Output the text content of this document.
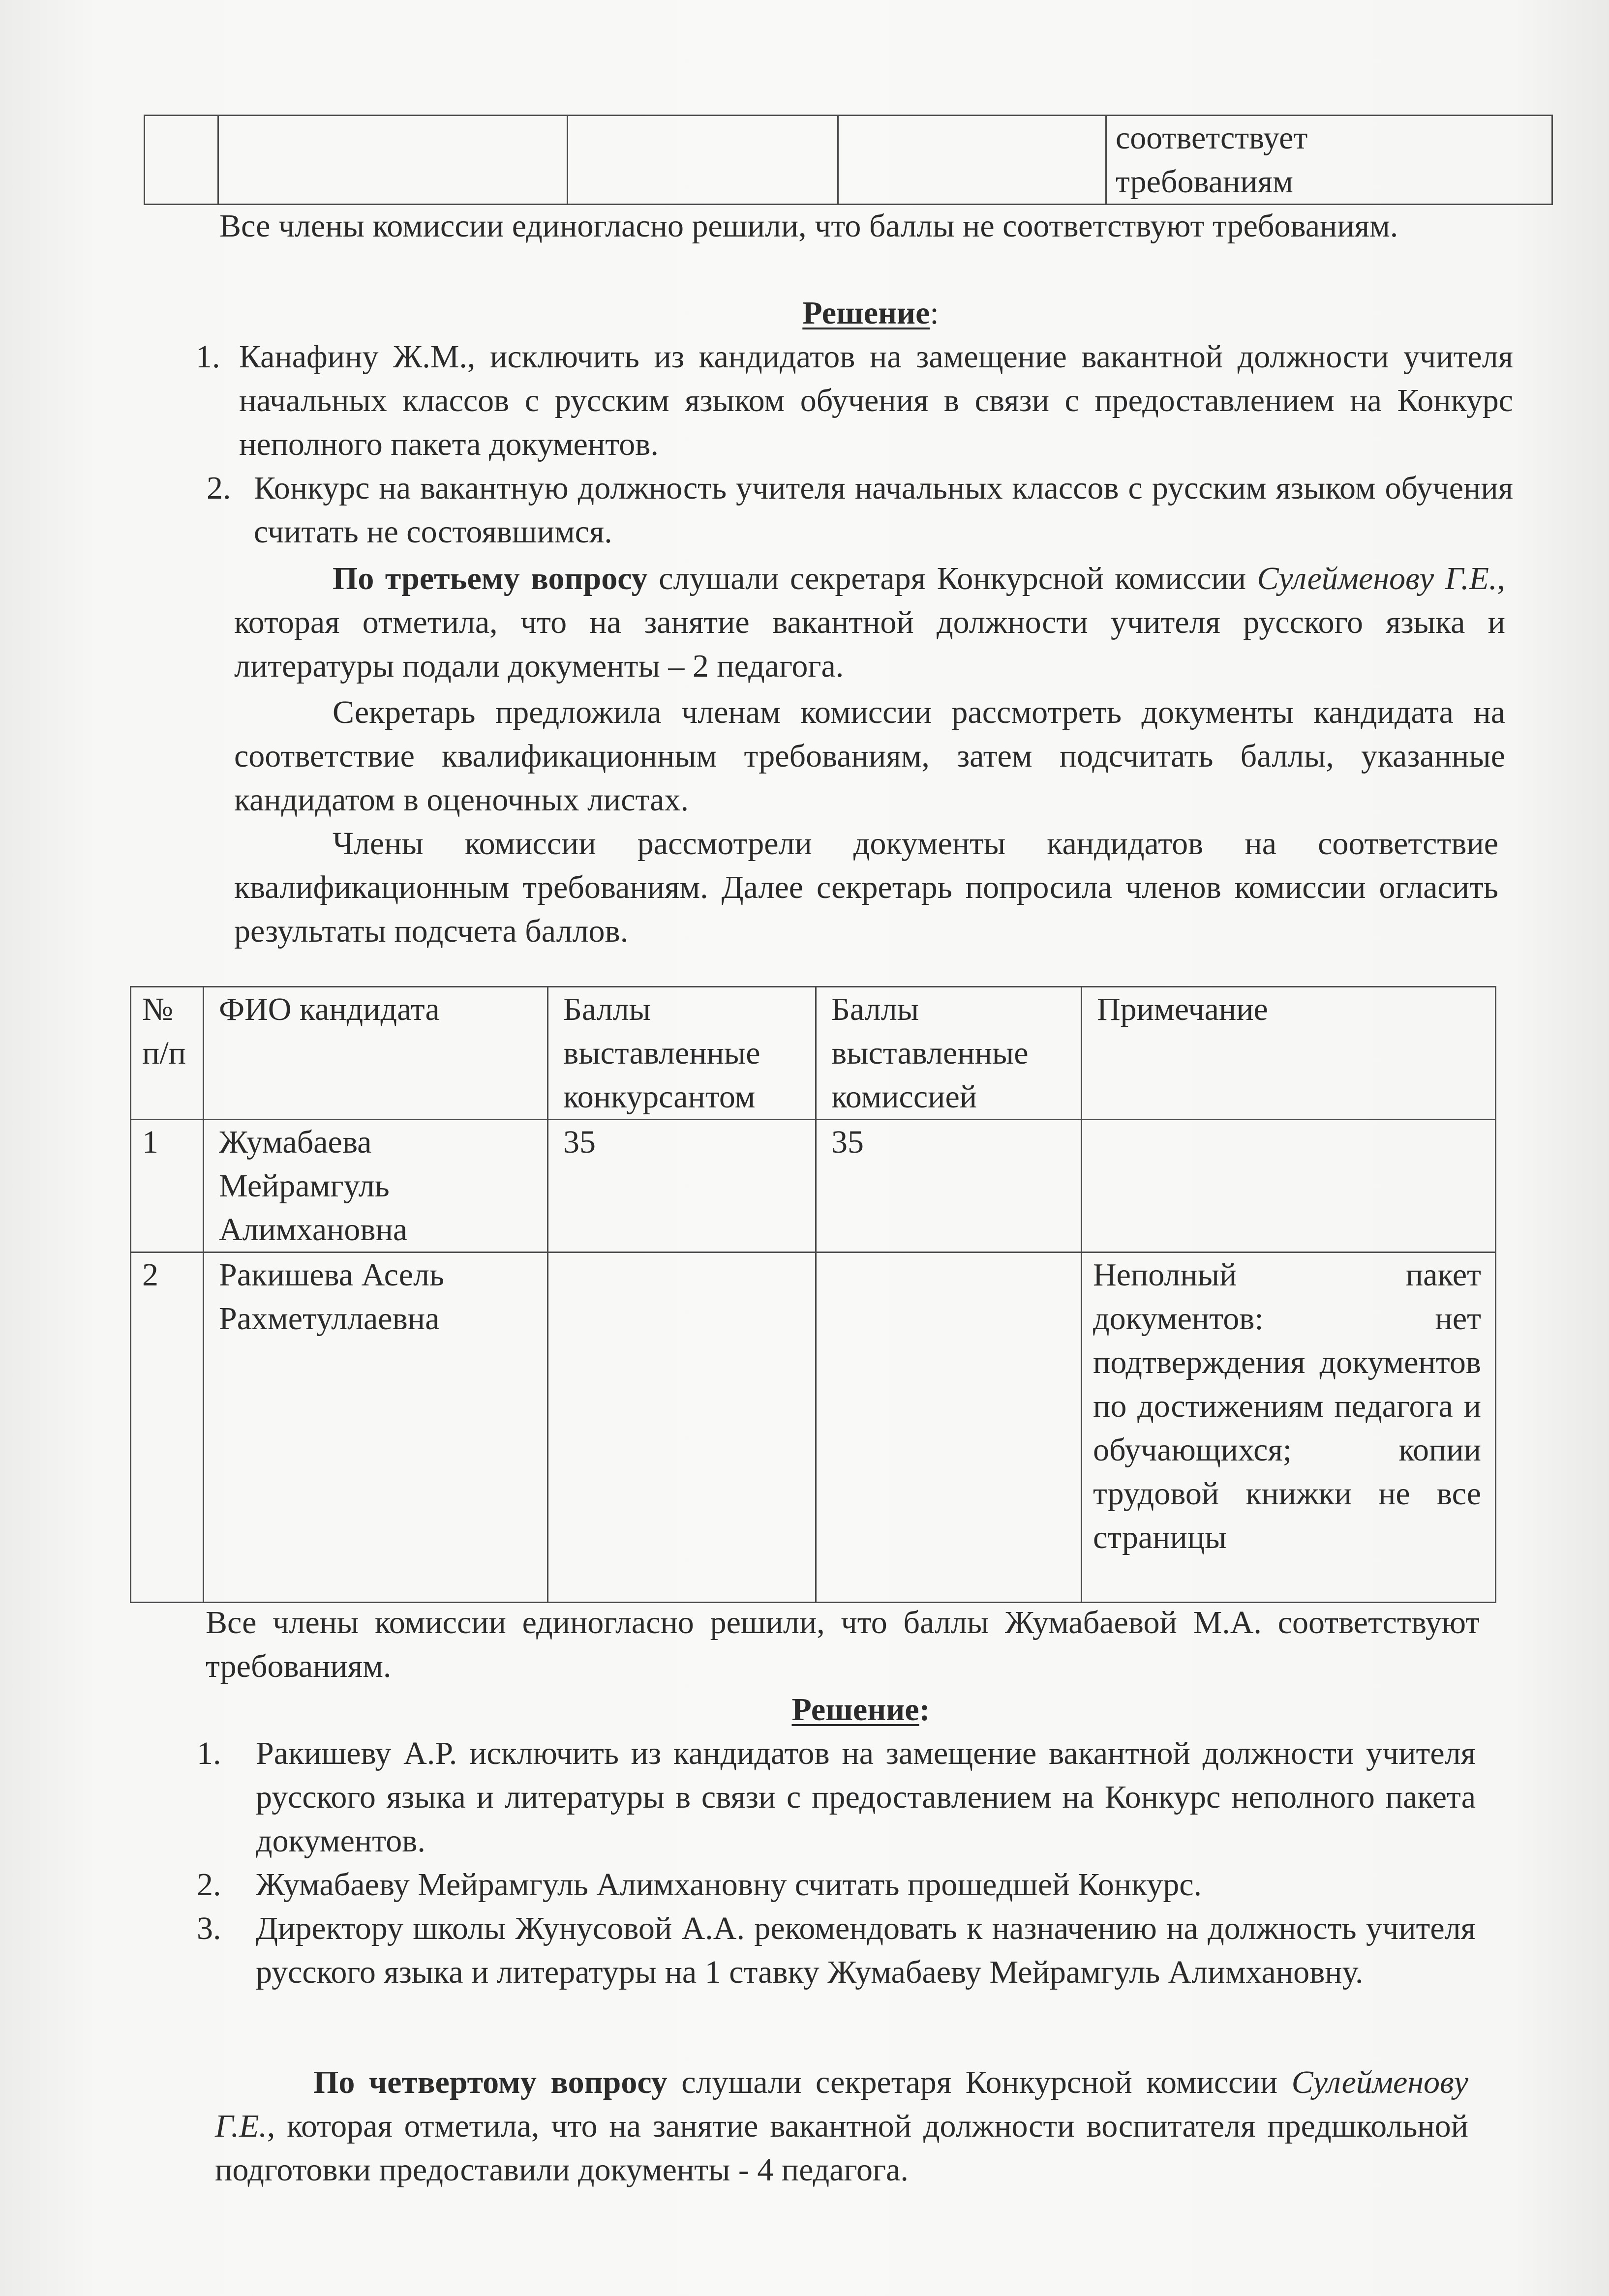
соответствует
требованиям

Все члены комиссии единогласно решили, что баллы не соответствуют требованиям.

Решение:
1. Канафину Ж.М., исключить из кандидатов на замещение вакантной должности учителя начальных классов с русским языком обучения в связи с предоставлением на Конкурс неполного пакета документов.
2. Конкурс на вакантную должность учителя начальных классов с русским языком обучения считать не состоявшимся.

По третьему вопросу слушали секретаря Конкурсной комиссии Сулейменову Г.Е., которая отметила, что на занятие вакантной должности учителя русского языка и литературы подали документы – 2 педагога.

Секретарь предложила членам комиссии рассмотреть документы кандидата на соответствие квалификационным требованиям, затем подсчитать баллы, указанные кандидатом в оценочных листах.

Члены комиссии рассмотрели документы кандидатов на соответствие квалификационным требованиям. Далее секретарь попросила членов комиссии огласить результаты подсчета баллов.

№ п/п	ФИО кандидата	Баллы выставленные конкурсантом	Баллы выставленные комиссией	Примечание
1	Жумабаева Мейрамгуль Алимхановна	35	35	
2	Ракишева Асель Рахметуллаевна			Неполный пакет документов: нет подтверждения документов по достижениям педагога и обучающихся; копии трудовой книжки не все страницы

Все члены комиссии единогласно решили, что баллы Жумабаевой М.А. соответствуют требованиям.

Решение:
1. Ракишеву А.Р. исключить из кандидатов на замещение вакантной должности учителя русского языка и литературы в связи с предоставлением на Конкурс неполного пакета документов.
2. Жумабаеву Мейрамгуль Алимхановну считать прошедшей Конкурс.
3. Директору школы Жунусовой А.А. рекомендовать к назначению на должность учителя русского языка и литературы на 1 ставку Жумабаеву Мейрамгуль Алимхановну.

По четвертому вопросу слушали секретаря Конкурсной комиссии Сулейменову Г.Е., которая отметила, что на занятие вакантной должности воспитателя предшкольной подготовки предоставили документы - 4 педагога.
